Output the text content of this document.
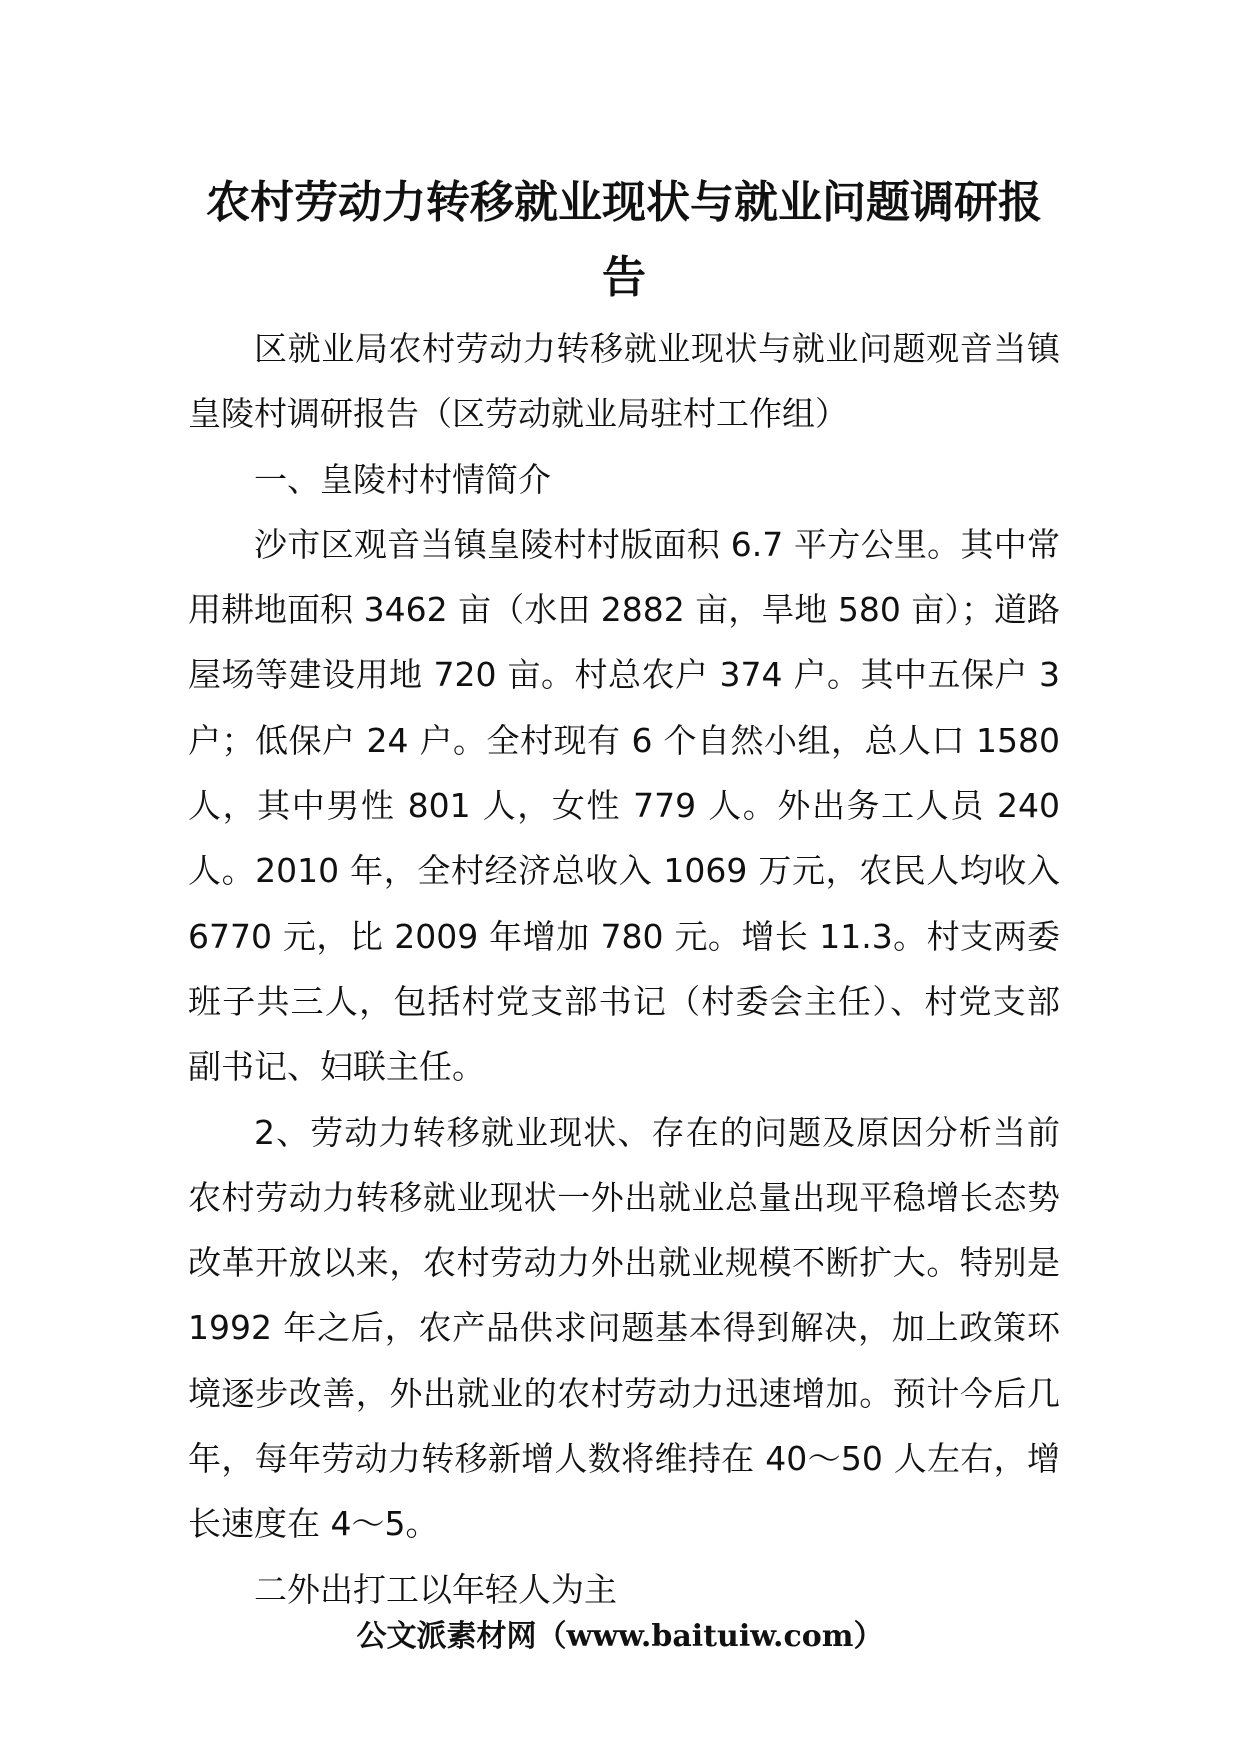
农村劳动力转移就业现状与就业问题调研报告

区就业局农村劳动力转移就业现状与就业问题观音当镇皇陵村调研报告（区劳动就业局驻村工作组）

一、皇陵村村情简介

沙市区观音当镇皇陵村村版面积 6.7 平方公里。其中常用耕地面积 3462 亩（水田 2882 亩，旱地 580 亩）；道路屋场等建设用地 720 亩。村总农户 374 户。其中五保户 3 户；低保户 24 户。全村现有 6 个自然小组，总人口 1580 人，其中男性 801 人，女性 779 人。外出务工人员 240 人。2010 年，全村经济总收入 1069 万元，农民人均收入 6770 元，比 2009 年增加 780 元。增长 11.3。村支两委班子共三人，包括村党支部书记（村委会主任）、村党支部副书记、妇联主任。

2、劳动力转移就业现状、存在的问题及原因分析当前农村劳动力转移就业现状一外出就业总量出现平稳增长态势改革开放以来，农村劳动力外出就业规模不断扩大。特别是 1992 年之后，农产品供求问题基本得到解决，加上政策环境逐步改善，外出就业的农村劳动力迅速增加。预计今后几年，每年劳动力转移新增人数将维持在 40～50 人左右，增长速度在 4～5。

二外出打工以年轻人为主

公文派素材网（www.baituiw.com）
